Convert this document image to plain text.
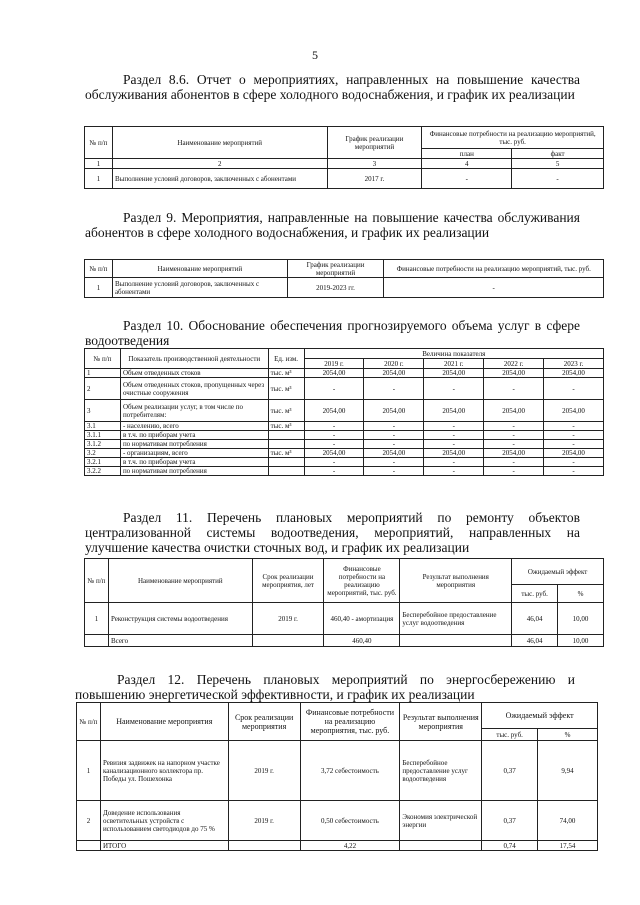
5
Раздел 8.6. Отчет о мероприятиях, направленных на повышение качества обслуживания абонентов в сфере холодного водоснабжения, и график их реализации
№ п/п	Наименование мероприятий	График реализации мероприятий	Финансовые потребности на реализацию мероприятий, тыс. руб.	
			план	факт
1	2	3	4	5
1	Выполнение условий договоров, заключенных с абонентами	2017 г.	-	-
Раздел 9. Мероприятия, направленные на повышение качества обслуживания абонентов в сфере холодного водоснабжения, и график их реализации
№ п/п	Наименование мероприятий	График реализации мероприятий	Финансовые потребности на реализацию мероприятий, тыс. руб.
1	Выполнение условий договоров, заключенных с абонентами	2019-2023 гг.	-
Раздел 10. Обоснование обеспечения прогнозируемого объема услуг в сфере водоотведения
№ п/п	Показатель производственной деятельности	Ед. изм.	Величина показателя				
			2019 г.	2020 г.	2021 г.	2022 г.	2023 г.
1	Объем отведенных стоков	тыс. м³	2054,00	2054,00	2054,00	2054,00	2054,00
2	Объем отведенных стоков, пропущенных через очистные сооружения	тыс. м³	-	-	-	-	-
3	Объем реализации услуг, в том числе по потребителям:	тыс. м³	2054,00	2054,00	2054,00	2054,00	2054,00
3.1	- населению, всего	тыс. м³	-	-	-	-	-
3.1.1	в т.ч. по приборам учета		-	-	-	-	-
3.1.2	по нормативам потребления		-	-	-	-	-
3.2	- организациям, всего	тыс. м³	2054,00	2054,00	2054,00	2054,00	2054,00
3.2.1	в т.ч. по приборам учета		-	-	-	-	-
3.2.2	по нормативам потребления		-	-	-	-	-
Раздел 11. Перечень плановых мероприятий по ремонту объектов централизованной системы водоотведения, мероприятий, направленных на улучшение качества очистки сточных вод, и график их реализации
№ п/п	Наименование мероприятий	Срок реализации мероприятия, лет	Финансовые потребности на реализацию мероприятий, тыс. руб.	Результат выполнения мероприятия	Ожидаемый эффект	
					тыс. руб.	%
1	Реконструкция системы водоотведения	2019 г.	460,40 - амортизация	Бесперебойное предоставление услуг водоотведения	46,04	10,00
	Всего		460,40		46,04	10,00
Раздел 12. Перечень плановых мероприятий по энергосбережению и повышению энергетической эффективности, и график их реализации
№ п/п	Наименование мероприятия	Срок реализации мероприятия	Финансовые потребности на реализацию мероприятия, тыс. руб.	Результат выполнения мероприятия	Ожидаемый эффект	
					тыс. руб.	%
1	Ревизия задвижек на напорном участке канализационного коллектора пр. Победы ул. Пошехонка	2019 г.	3,72 себестоимость	Бесперебойное предоставление услуг водоотведения	0,37	9,94
2	Доведение использования осветительных устройств с использованием светодиодов до 75 %	2019 г.	0,50 себестоимость	Экономия электрической энергии	0,37	74,00
	ИТОГО		4,22		0,74	17,54
